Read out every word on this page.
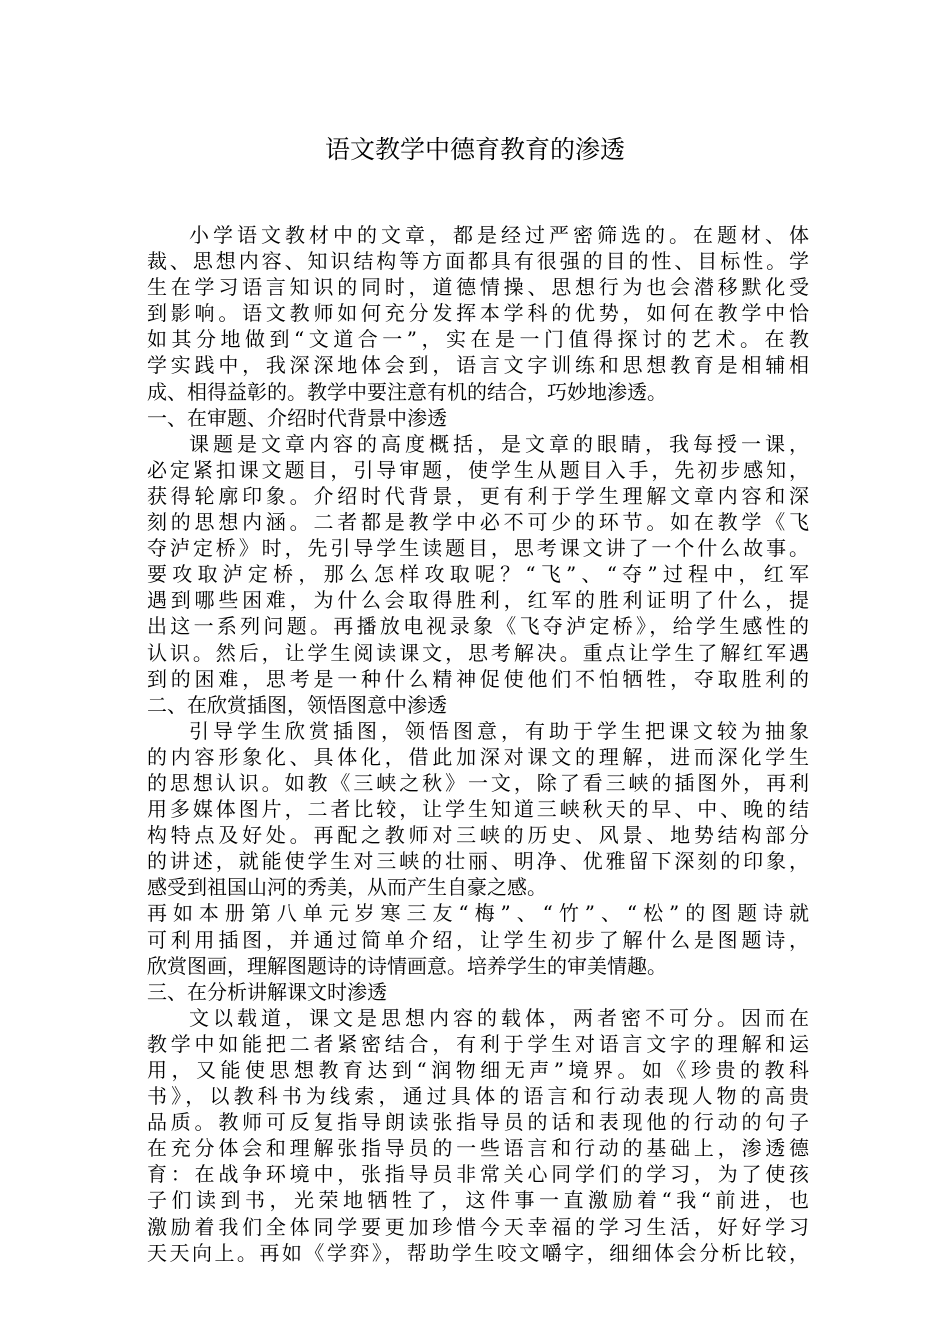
语文教学中德育教育的渗透
小学语文教材中的文章，都是经过严密筛选的。在题材、体
裁、思想内容、知识结构等方面都具有很强的目的性、目标性。学
生在学习语言知识的同时，道德情操、思想行为也会潜移默化受
到影响。语文教师如何充分发挥本学科的优势，如何在教学中恰
如其分地做到“文道合一”，实在是一门值得探讨的艺术。在教
学实践中，我深深地体会到，语言文字训练和思想教育是相辅相
成、相得益彰的。教学中要注意有机的结合，巧妙地渗透。
一、在审题、介绍时代背景中渗透
课题是文章内容的高度概括，是文章的眼睛，我每授一课，
必定紧扣课文题目，引导审题，使学生从题目入手，先初步感知，
获得轮廓印象。介绍时代背景，更有利于学生理解文章内容和深
刻的思想内涵。二者都是教学中必不可少的环节。如在教学《飞
夺泸定桥》时，先引导学生读题目，思考课文讲了一个什么故事。
要攻取泸定桥，那么怎样攻取呢？“飞”、“夺”过程中，红军
遇到哪些困难，为什么会取得胜利，红军的胜利证明了什么，提
出这一系列问题。再播放电视录象《飞夺泸定桥》，给学生感性的
认识。然后，让学生阅读课文，思考解决。重点让学生了解红军遇
到的困难，思考是一种什么精神促使他们不怕牺牲，夺取胜利的
二、在欣赏插图，领悟图意中渗透
引导学生欣赏插图，领悟图意，有助于学生把课文较为抽象
的内容形象化、具体化，借此加深对课文的理解，进而深化学生
的思想认识。如教《三峡之秋》一文，除了看三峡的插图外，再利
用多媒体图片，二者比较，让学生知道三峡秋天的早、中、晚的结
构特点及好处。再配之教师对三峡的历史、风景、地势结构部分
的讲述，就能使学生对三峡的壮丽、明净、优雅留下深刻的印象，
感受到祖国山河的秀美，从而产生自豪之感。
再如本册第八单元岁寒三友“梅”、“竹”、“松”的图题诗就
可利用插图，并通过简单介绍，让学生初步了解什么是图题诗，
欣赏图画，理解图题诗的诗情画意。培养学生的审美情趣。
三、在分析讲解课文时渗透
文以载道，课文是思想内容的载体，两者密不可分。因而在
教学中如能把二者紧密结合，有利于学生对语言文字的理解和运
用，又能使思想教育达到“润物细无声”境界。如《珍贵的教科
书》，以教科书为线索，通过具体的语言和行动表现人物的高贵
品质。教师可反复指导朗读张指导员的话和表现他的行动的句子
在充分体会和理解张指导员的一些语言和行动的基础上，渗透德
育：在战争环境中，张指导员非常关心同学们的学习，为了使孩
子们读到书，光荣地牺牲了，这件事一直激励着“我“前进，也
激励着我们全体同学要更加珍惜今天幸福的学习生活，好好学习
天天向上。再如《学弈》，帮助学生咬文嚼字，细细体会分析比较，
